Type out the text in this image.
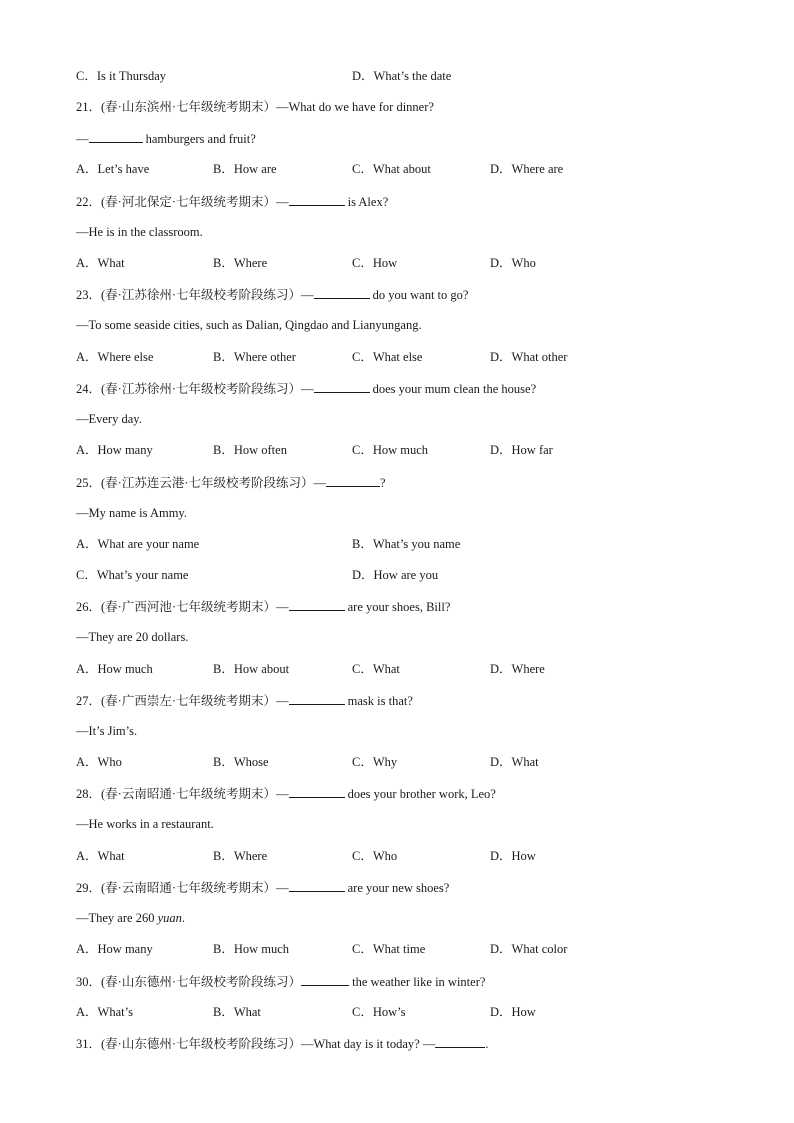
C．Is it Thursday	D．What’s the date
21．(春·山东滨州·七年级统考期末）—What do we have for dinner?
—	hamburgers and fruit?
A．Let’s have	B．How are	C．What about	D．Where are
22．(春·河北保定·七年级统考期末）—	is Alex?
—He is in the classroom.
A．What	B．Where	C．How	D．Who
23．(春·江苏徐州·七年级校考阶段练习）—	do you want to go?
—To some seaside cities, such as Dalian, Qingdao and Lianyungang.
A．Where else	B．Where other	C．What else	D．What other
24．(春·江苏徐州·七年级校考阶段练习）—	does your mum clean the house?
—Every day.
A．How many	B．How often	C．How much	D．How far
25．(春·江苏连云港·七年级校考阶段练习）—	?
—My name is Ammy.
A．What are your name	B．What’s you name
C．What’s your name	D．How are you
26．(春·广西河池·七年级统考期末）—	are your shoes, Bill?
—They are 20 dollars.
A．How much	B．How about	C．What	D．Where
27．(春·广西崇左·七年级统考期末）—	mask is that?
—It’s Jim’s.
A．Who	B．Whose	C．Why	D．What
28．(春·云南昭通·七年级统考期末）—	does your brother work, Leo?
—He works in a restaurant.
A．What	B．Where	C．Who	D．How
29．(春·云南昭通·七年级统考期末）—	are your new shoes?
—They are 260 yuan.
A．How many	B．How much	C．What time	D．What color
30．(春·山东德州·七年级校考阶段练习）	the weather like in winter?
A．What’s	B．What	C．How’s	D．How
31．(春·山东德州·七年级校考阶段练习）—What day is it today? —	.
